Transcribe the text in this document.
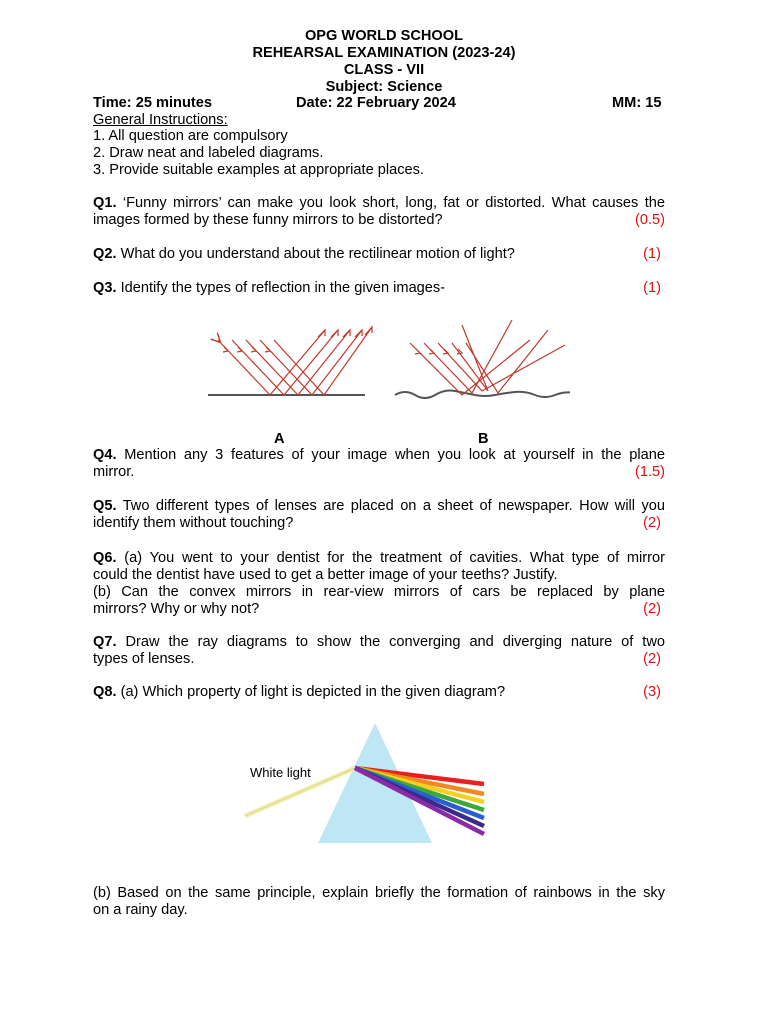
OPG WORLD SCHOOL
REHEARSAL EXAMINATION (2023-24)
CLASS - VII
Subject: Science
Time: 25 minutes	Date: 22 February 2024	MM: 15
General Instructions:
1. All question are compulsory
2. Draw neat and labeled diagrams.
3. Provide suitable examples at appropriate places.
Q1. ‘Funny mirrors’ can make you look short, long, fat or distorted. What causes the
images formed by these funny mirrors to be distorted?	(0.5)
Q2. What do you understand about the rectilinear motion of light?	(1)
Q3. Identify the types of reflection in the given images-	(1)
A	B
Q4. Mention any 3 features of your image when you look at yourself in the plane
mirror.	(1.5)
Q5. Two different types of lenses are placed on a sheet of newspaper. How will you
identify them without touching?	(2)
Q6. (a) You went to your dentist for the treatment of cavities. What type of mirror
could the dentist have used to get a better image of your teeths? Justify.
(b) Can the convex mirrors in rear-view mirrors of cars be replaced by plane
mirrors? Why or why not?	(2)
Q7. Draw the ray diagrams to show the converging and diverging nature of two
types of lenses.	(2)
Q8. (a) Which property of light is depicted in the given diagram?	(3)
White light
(b) Based on the same principle, explain briefly the formation of rainbows in the sky
on a rainy day.
